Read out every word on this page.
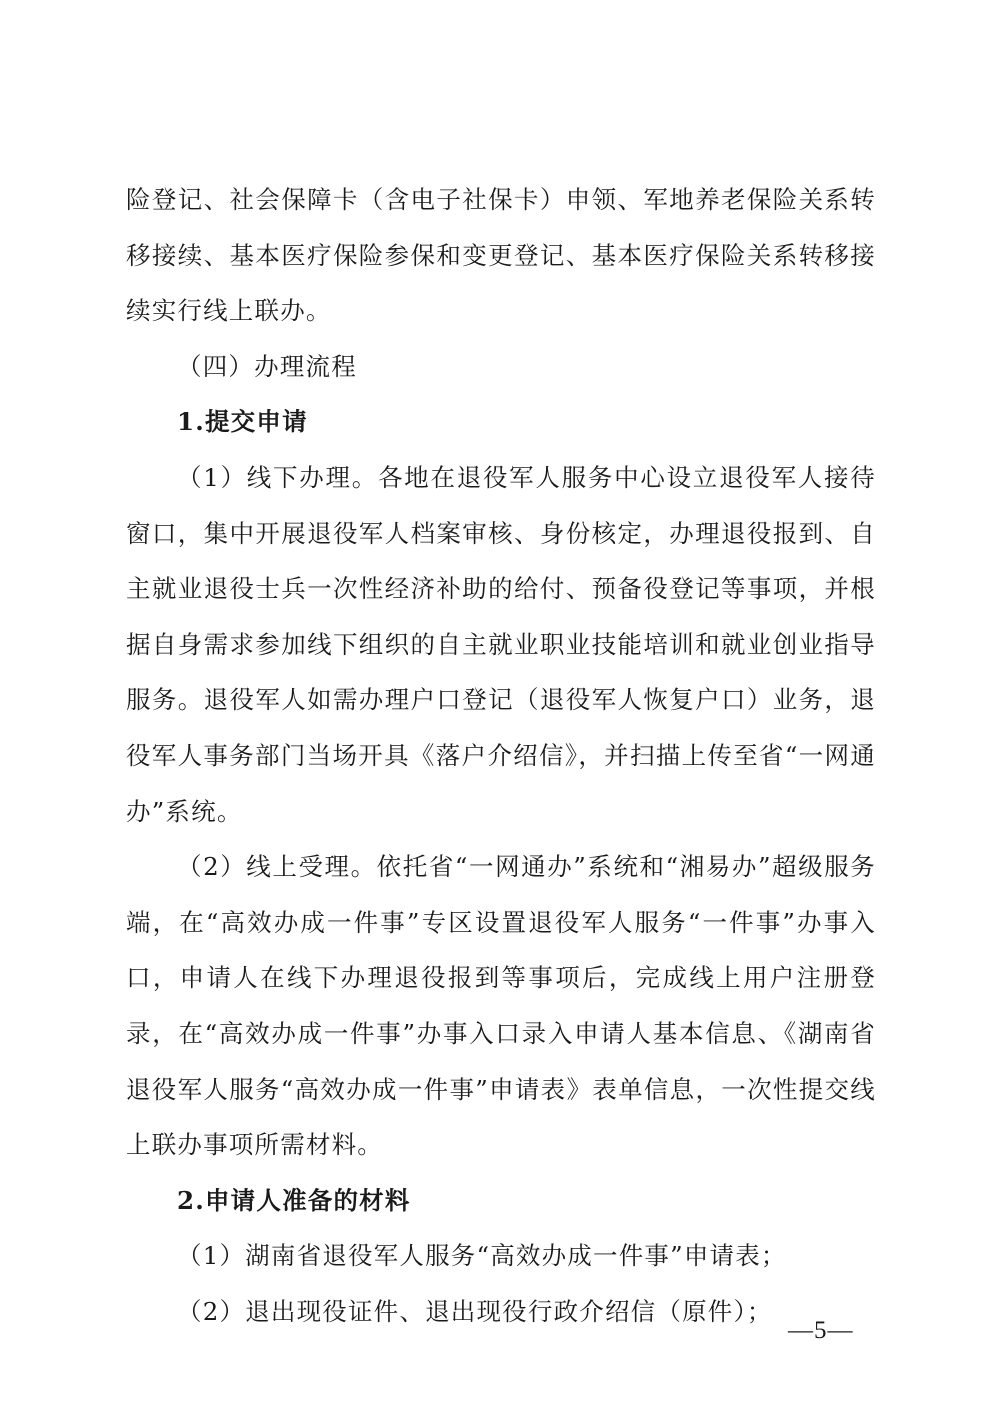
险登记、社会保障卡（含电子社保卡）申领、军地养老保险关系转移接续、基本医疗保险参保和变更登记、基本医疗保险关系转移接续实行线上联办。

（四）办理流程

1.提交申请

（1）线下办理。各地在退役军人服务中心设立退役军人接待窗口，集中开展退役军人档案审核、身份核定，办理退役报到、自主就业退役士兵一次性经济补助的给付、预备役登记等事项，并根据自身需求参加线下组织的自主就业职业技能培训和就业创业指导服务。退役军人如需办理户口登记（退役军人恢复户口）业务，退役军人事务部门当场开具《落户介绍信》，并扫描上传至省“一网通办”系统。

（2）线上受理。依托省“一网通办”系统和“湘易办”超级服务端，在“高效办成一件事”专区设置退役军人服务“一件事”办事入口，申请人在线下办理退役报到等事项后，完成线上用户注册登录，在“高效办成一件事”办事入口录入申请人基本信息、《湖南省退役军人服务“高效办成一件事”申请表》表单信息，一次性提交线上联办事项所需材料。

2.申请人准备的材料

（1）湖南省退役军人服务“高效办成一件事”申请表；

（2）退出现役证件、退出现役行政介绍信（原件）；

—5—
